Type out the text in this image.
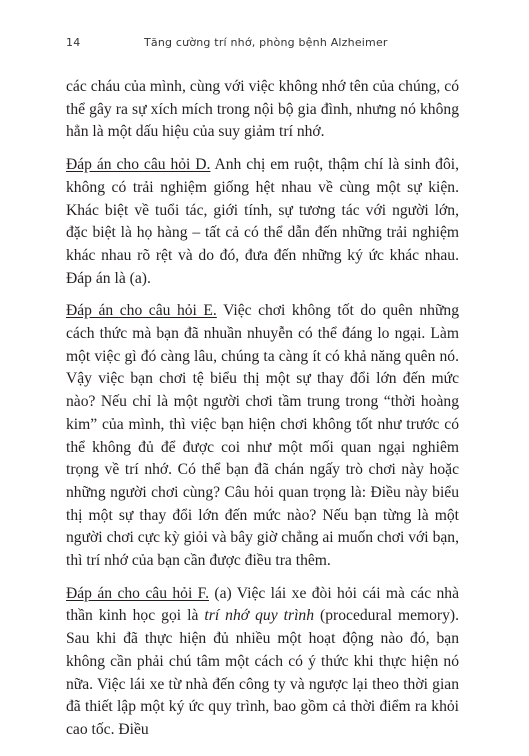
14	Tăng cường trí nhớ, phòng bệnh Alzheimer

các cháu của mình, cùng với việc không nhớ tên của chúng, có thể gây ra sự xích mích trong nội bộ gia đình, nhưng nó không hẳn là một dấu hiệu của suy giảm trí nhớ.

Đáp án cho câu hỏi D. Anh chị em ruột, thậm chí là sinh đôi, không có trải nghiệm giống hệt nhau về cùng một sự kiện. Khác biệt về tuổi tác, giới tính, sự tương tác với người lớn, đặc biệt là họ hàng – tất cả có thể dẫn đến những trải nghiệm khác nhau rõ rệt và do đó, đưa đến những ký ức khác nhau. Đáp án là (a).

Đáp án cho câu hỏi E. Việc chơi không tốt do quên những cách thức mà bạn đã nhuần nhuyễn có thể đáng lo ngại. Làm một việc gì đó càng lâu, chúng ta càng ít có khả năng quên nó. Vậy việc bạn chơi tệ biểu thị một sự thay đổi lớn đến mức nào? Nếu chỉ là một người chơi tầm trung trong “thời hoàng kim” của mình, thì việc bạn hiện chơi không tốt như trước có thể không đủ để được coi như một mối quan ngại nghiêm trọng về trí nhớ. Có thể bạn đã chán ngấy trò chơi này hoặc những người chơi cùng? Câu hỏi quan trọng là: Điều này biểu thị một sự thay đổi lớn đến mức nào? Nếu bạn từng là một người chơi cực kỳ giỏi và bây giờ chẳng ai muốn chơi với bạn, thì trí nhớ của bạn cần được điều tra thêm.

Đáp án cho câu hỏi F. (a) Việc lái xe đòi hỏi cái mà các nhà thần kinh học gọi là trí nhớ quy trình (procedural memory). Sau khi đã thực hiện đủ nhiều một hoạt động nào đó, bạn không cần phải chú tâm một cách có ý thức khi thực hiện nó nữa. Việc lái xe từ nhà đến công ty và ngược lại theo thời gian đã thiết lập một ký ức quy trình, bao gồm cả thời điểm ra khỏi cao tốc. Điều
